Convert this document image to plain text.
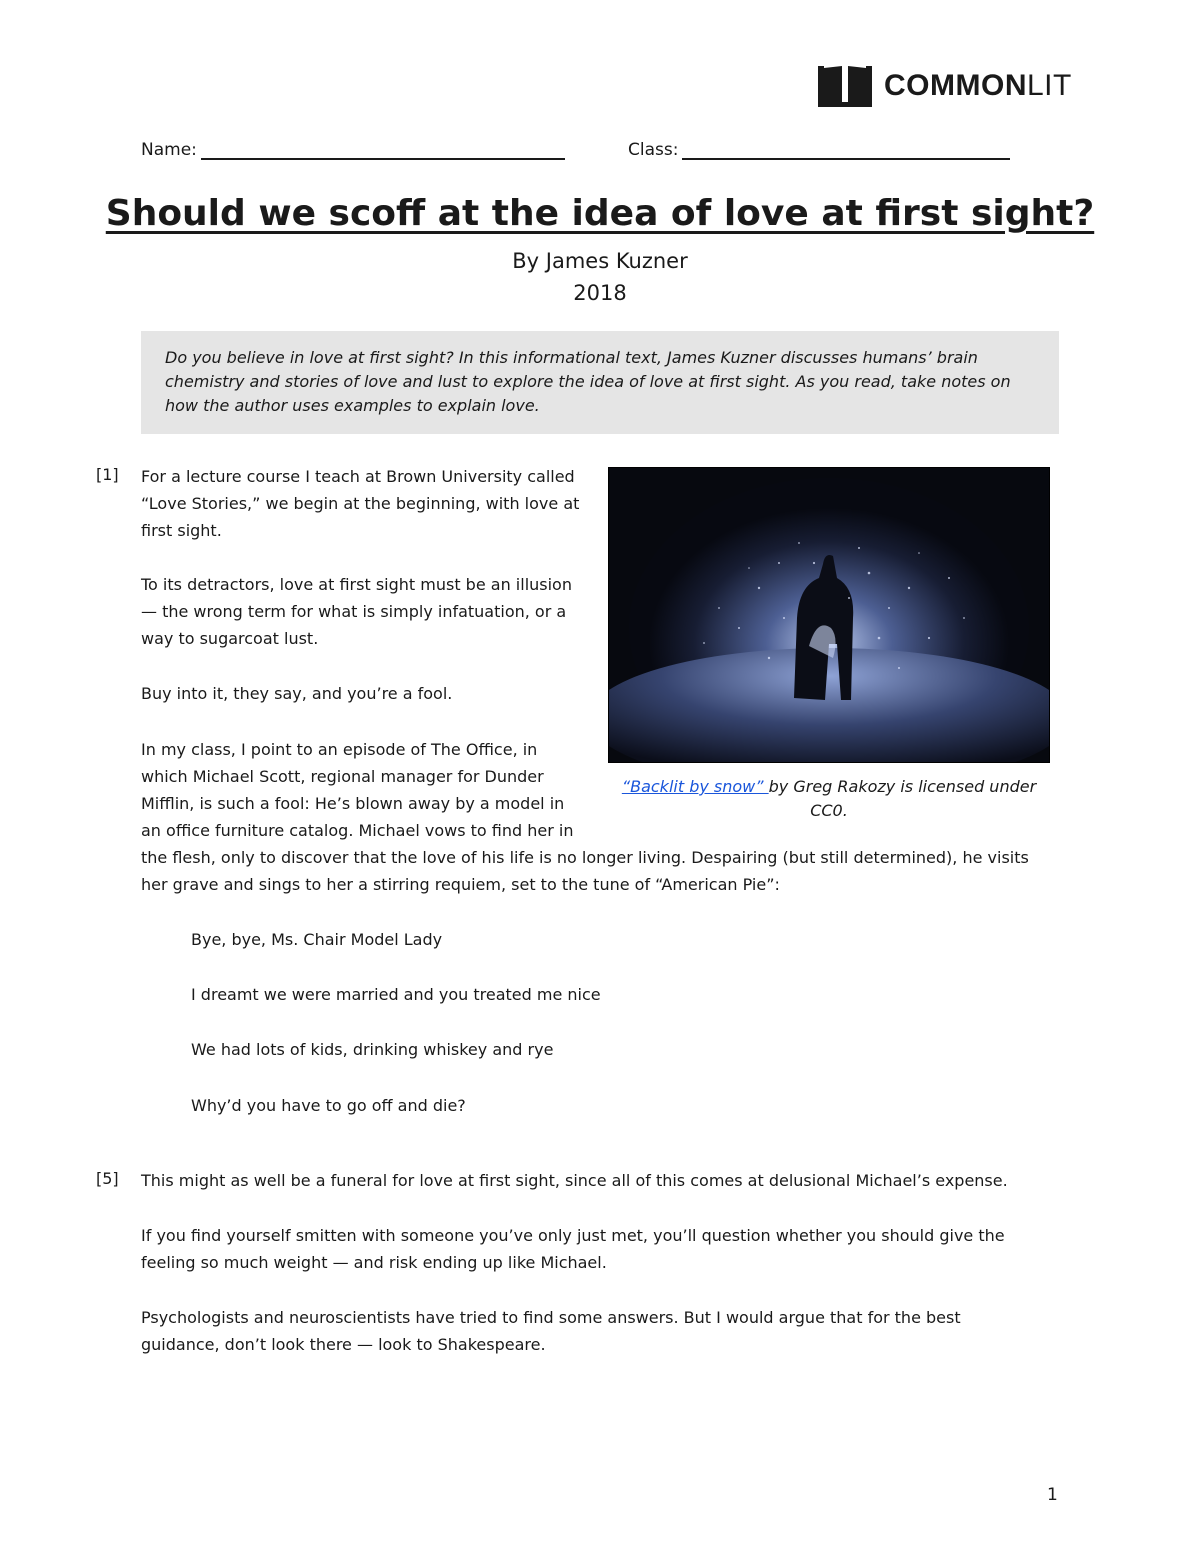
COMMONLIT
Name:	Class:
Should we scoff at the idea of love at first sight?
By James Kuzner
2018
Do you believe in love at first sight? In this informational text, James Kuzner discusses humans’ brain chemistry and stories of love and lust to explore the idea of love at first sight. As you read, take notes on how the author uses examples to explain love.
[1] For a lecture course I teach at Brown University called
“Love Stories,” we begin at the beginning, with love at
first sight.

To its detractors, love at first sight must be an illusion
— the wrong term for what is simply infatuation, or a
way to sugarcoat lust.

Buy into it, they say, and you’re a fool.

In my class, I point to an episode of The Office, in
which Michael Scott, regional manager for Dunder
Mifflin, is such a fool: He’s blown away by a model in
an office furniture catalog. Michael vows to find her in
the flesh, only to discover that the love of his life is no longer living. Despairing (but still determined), he visits
her grave and sings to her a stirring requiem, set to the tune of “American Pie”:

“Backlit by snow” by Greg Rakozy is licensed under CC0.

Bye, bye, Ms. Chair Model Lady

I dreamt we were married and you treated me nice

We had lots of kids, drinking whiskey and rye

Why’d you have to go off and die?

[5] This might as well be a funeral for love at first sight, since all of this comes at delusional Michael’s expense.

If you find yourself smitten with someone you’ve only just met, you’ll question whether you should give the
feeling so much weight — and risk ending up like Michael.

Psychologists and neuroscientists have tried to find some answers. But I would argue that for the best
guidance, don’t look there — look to Shakespeare.

1
